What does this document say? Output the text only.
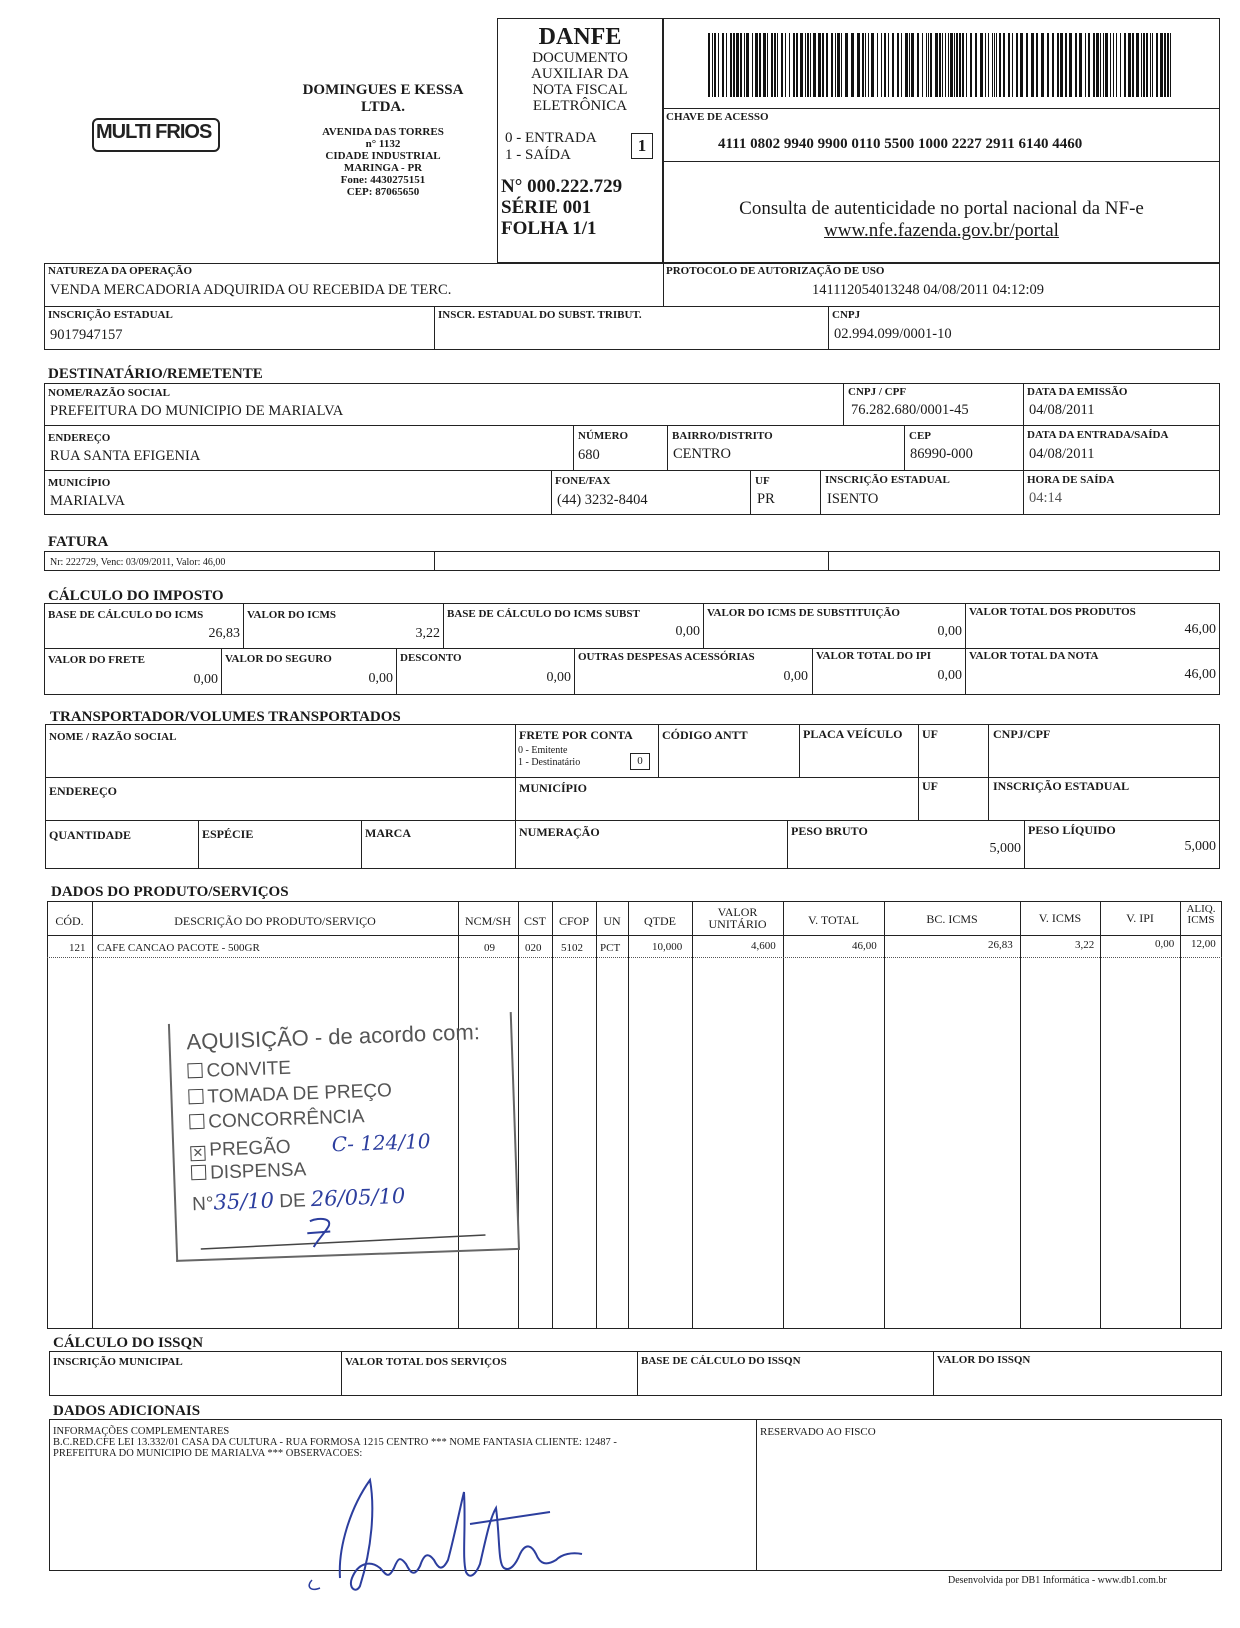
MULTI FRIOS
DOMINGUES E KESSA
LTDA.
AVENIDA DAS TORRES
n° 1132
CIDADE INDUSTRIAL
MARINGA - PR
Fone: 4430275151
CEP: 87065650
DANFE
DOCUMENTO
AUXILIAR DA
NOTA FISCAL
ELETRÔNICA
0 - ENTRADA
1 - SAÍDA	1
N° 000.222.729
SÉRIE 001
FOLHA 1/1
CHAVE DE ACESSO
4111 0802 9940 9900 0110 5500 1000 2227 2911 6140 4460
Consulta de autenticidade no portal nacional da NF-e
www.nfe.fazenda.gov.br/portal
NATUREZA DA OPERAÇÃO
VENDA MERCADORIA ADQUIRIDA OU RECEBIDA DE TERC.
PROTOCOLO DE AUTORIZAÇÃO DE USO
141112054013248 04/08/2011 04:12:09
INSCRIÇÃO ESTADUAL
9017947157
INSCR. ESTADUAL DO SUBST. TRIBUT.	CNPJ
02.994.099/0001-10
DESTINATÁRIO/REMETENTE
NOME/RAZÃO SOCIAL
PREFEITURA DO MUNICIPIO DE MARIALVA
CNPJ / CPF
76.282.680/0001-45
DATA DA EMISSÃO
04/08/2011
ENDEREÇO
RUA SANTA EFIGENIA
NÚMERO
680
BAIRRO/DISTRITO
CENTRO
CEP
86990-000
DATA DA ENTRADA/SAÍDA
04/08/2011
MUNICÍPIO
MARIALVA
FONE/FAX
(44) 3232-8404
UF
PR
INSCRIÇÃO ESTADUAL
ISENTO
HORA DE SAÍDA
04:14
FATURA
Nr: 222729, Venc: 03/09/2011, Valor: 46,00
CÁLCULO DO IMPOSTO
BASE DE CÁLCULO DO ICMS
26,83
VALOR DO ICMS
3,22
BASE DE CÁLCULO DO ICMS SUBST
0,00
VALOR DO ICMS DE SUBSTITUIÇÃO
0,00
VALOR TOTAL DOS PRODUTOS
46,00
VALOR DO FRETE
0,00
VALOR DO SEGURO
0,00
DESCONTO
0,00
OUTRAS DESPESAS ACESSÓRIAS
0,00
VALOR TOTAL DO IPI
0,00
VALOR TOTAL DA NOTA
46,00
TRANSPORTADOR/VOLUMES TRANSPORTADOS
NOME / RAZÃO SOCIAL	FRETE POR CONTA
0 - Emitente
1 - Destinatário	0
CÓDIGO ANTT	PLACA VEÍCULO UF	CNPJ/CPF
ENDEREÇO	MUNICÍPIO	UF	INSCRIÇÃO ESTADUAL
QUANTIDADE	ESPÉCIE	MARCA	NUMERAÇÃO	PESO BRUTO
5,000
PESO LÍQUIDO
5,000
DADOS DO PRODUTO/SERVIÇOS
CÓD.	DESCRIÇÃO DO PRODUTO/SERVIÇO	NCM/SH	CST	CFOP	UN	QTDE
VALOR
UNITÁRIO	V. TOTAL	BC. ICMS	V. ICMS	V. IPI
ALIQ.
ICMS
121 CAFE CANCAO PACOTE - 500GR	09	020 5102 PCT	10,000	4,600	46,00	26,83	3,22	0,00 12,00
AQUISIÇÃO - de acordo com:
CONVITE
TOMADA DE PREÇO
CONCORRÊNCIA
✕ PREGÃO C- 124/10
DISPENSA
N°35/10 DE 26/05/10
CÁLCULO DO ISSQN
INSCRIÇÃO MUNICIPAL	VALOR TOTAL DOS SERVIÇOS	BASE DE CÁLCULO DO ISSQN	VALOR DO ISSQN
DADOS ADICIONAIS
INFORMAÇÕES COMPLEMENTARES
B.C.RED.CFE LEI 13.332/01 CASA DA CULTURA - RUA FORMOSA 1215 CENTRO *** NOME FANTASIA CLIENTE: 12487 -
PREFEITURA DO MUNICIPIO DE MARIALVA *** OBSERVACOES:
RESERVADO AO FISCO
Desenvolvida por DB1 Informática - www.db1.com.br
